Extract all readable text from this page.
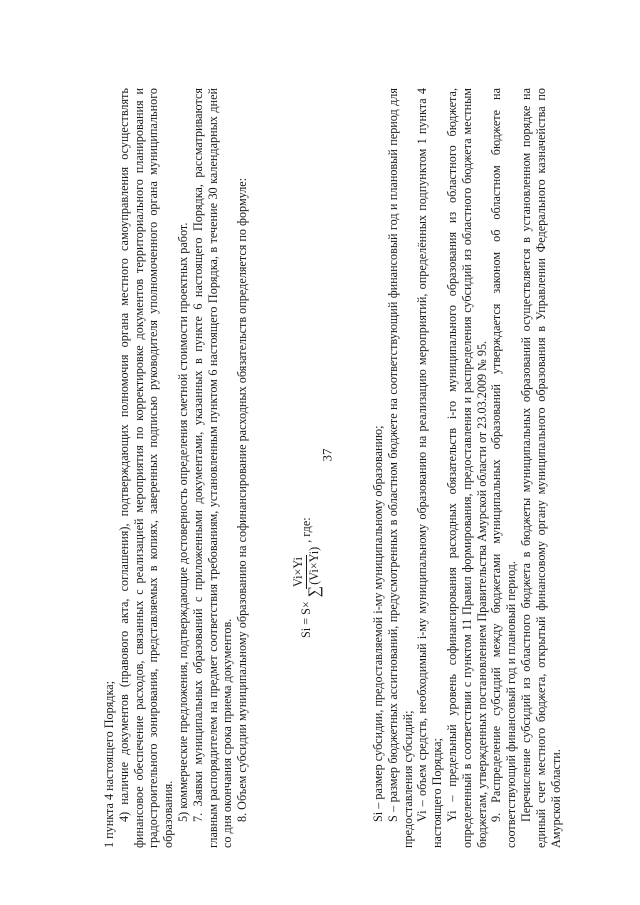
37

1 пункта 4 настоящего Порядка; 4) наличие документов (правового акта, соглашения), подтверждающих полномочия органа местного самоуправления осуществлять финансовое обеспечение расходов, связанных с реализацией мероприятия по корректировке документов территориального планирования и градостроительного зонирования, представляемых в копиях, заверенных подписью руководителя уполномоченного органа муниципального образования. 5) коммерческие предложения, подтверждающие достоверность определения сметной стоимости проектных работ. 7. Заявки муниципальных образований с приложенными документами, указанных в пункте 6 настоящего Порядка, рассматриваются главным распорядителем на предмет соответствия требованиям, установленным пунктом 6 настоящего Порядка, в течение 30 календарных дней со дня окончания срока приема документов. 8. Объем субсидии муниципальному образованию на софинансирование расходных обязательств определяется по формуле:	Si = S×
Vi×Yi
∑
(Vi×Yi)
, где:	Si – размер субсидии, предоставляемой i-му муниципальному образованию; S – размер бюджетных ассигнований, предусмотренных в областном бюджете на соответствующий финансовый год и плановый период для предоставления субсидий; Vi – объем средств, необходимый i-му муниципальному образованию на реализацию мероприятий, определённых подпунктом 1 пункта 4 настоящего Порядка; Yi – предельный уровень софинансирования расходных обязательств i-го муниципального образования из областного бюджета, определенный в соответствии с пунктом 11 Правил формирования, предоставления и распределения субсидий из областного бюджета местным бюджетам, утвержденных постановлением Правительства Амурской области от 23.03.2009 № 95. 9. Распределение субсидий между бюджетами муниципальных образований утверждается законом об областном бюджете на соответствующий финансовый год и плановый период. Перечисление субсидий из областного бюджета в бюджеты муниципальных образований осуществляется в установленном порядке на единый счет местного бюджета, открытый финансовому органу муниципального образования в Управлении Федерального казначейства по Амурской области.
